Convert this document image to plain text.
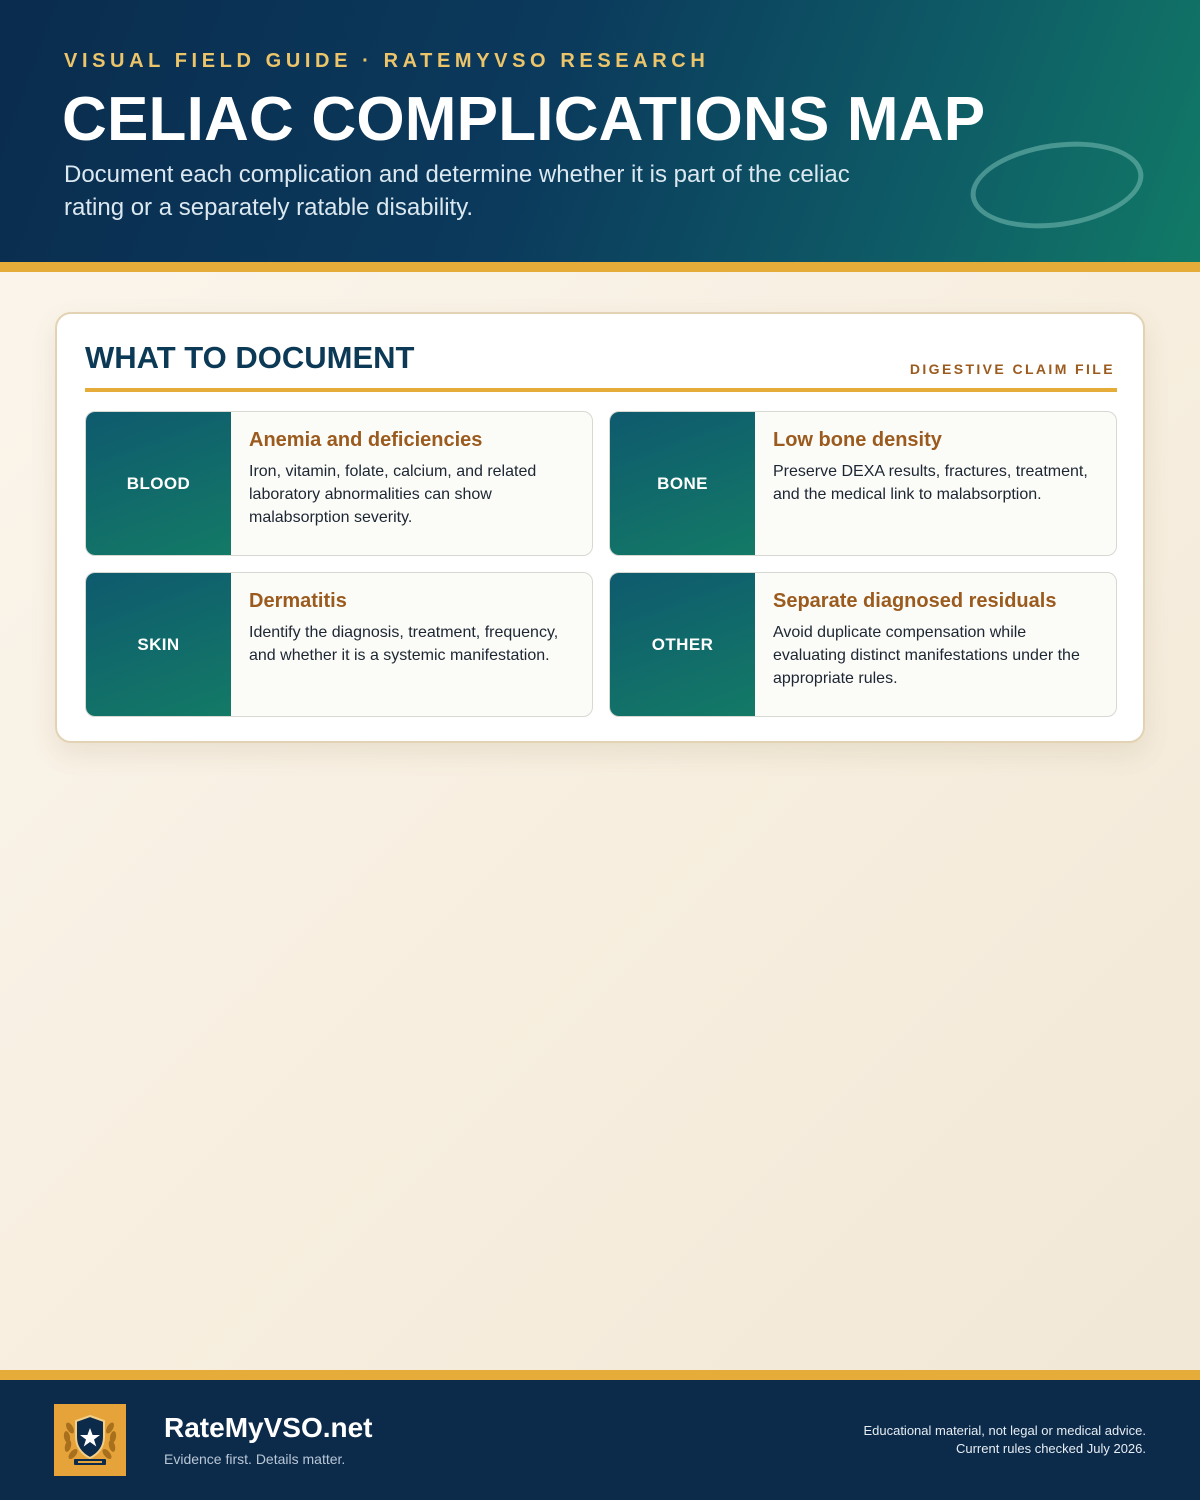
VISUAL FIELD GUIDE · RATEMYVSO RESEARCH
CELIAC COMPLICATIONS MAP

Document each complication and determine whether it is part of the celiac rating or a separately ratable disability.

WHAT TO DOCUMENT	DIGESTIVE CLAIM FILE
BLOOD
Anemia and deficiencies
Iron, vitamin, folate, calcium, and related laboratory abnormalities can show malabsorption severity.
BONE
Low bone density
Preserve DEXA results, fractures, treatment, and the medical link to malabsorption.
SKIN
Dermatitis
Identify the diagnosis, treatment, frequency, and whether it is a systemic manifestation.
OTHER
Separate diagnosed residuals
Avoid duplicate compensation while evaluating distinct manifestations under the appropriate rules.
RateMyVSO.net
Evidence first. Details matter.
Educational material, not legal or medical advice.
Current rules checked July 2026.
